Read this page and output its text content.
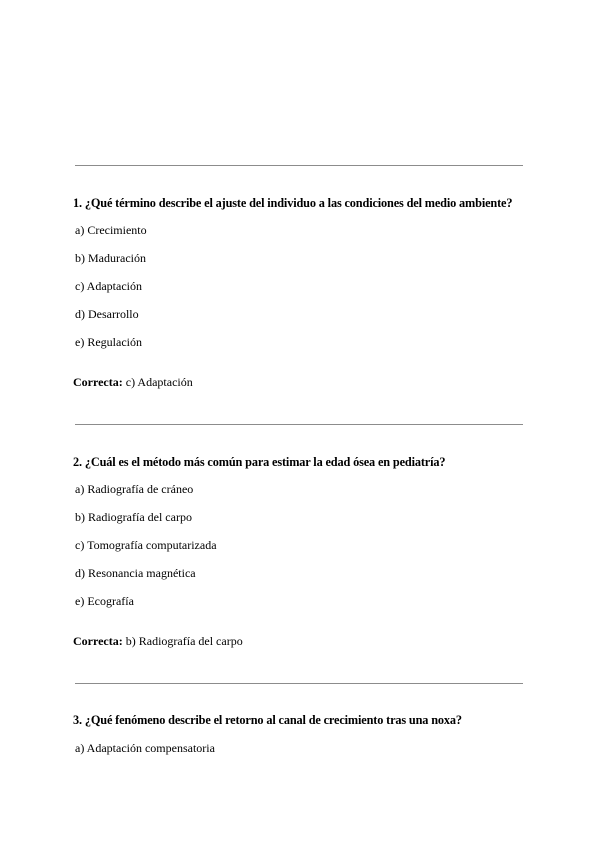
1. ¿Qué término describe el ajuste del individuo a las condiciones del medio ambiente?
a) Crecimiento
b) Maduración
c) Adaptación
d) Desarrollo
e) Regulación
Correcta: c) Adaptación
2. ¿Cuál es el método más común para estimar la edad ósea en pediatría?
a) Radiografía de cráneo
b) Radiografía del carpo
c) Tomografía computarizada
d) Resonancia magnética
e) Ecografía
Correcta: b) Radiografía del carpo
3. ¿Qué fenómeno describe el retorno al canal de crecimiento tras una noxa?
a) Adaptación compensatoria
